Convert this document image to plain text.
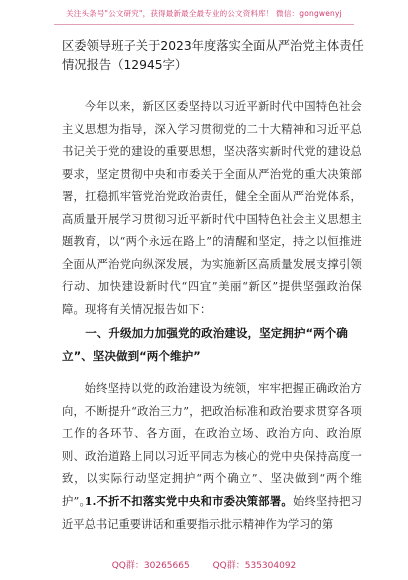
关注头条号"公文研究"，获得最新最全最专业的公文资料库！ 微信：gongwenyj
区委领导班子关于2023年度落实全面从严治党主体责任情况报告（12945字）
今年以来，新区区委坚持以习近平新时代中国特色社会主义思想为指导，深入学习贯彻党的二十大精神和习近平总书记关于党的建设的重要思想，坚决落实新时代党的建设总要求，坚定贯彻中央和市委关于全面从严治党的重大决策部署，扛稳抓牢管党治党政治责任，健全全面从严治党体系，高质量开展学习贯彻习近平新时代中国特色社会主义思想主题教育，以“两个永远在路上”的清醒和坚定，持之以恒推进全面从严治党向纵深发展，为实施新区高质量发展支撑引领行动、加快建设新时代“四宜”美丽“新区”提供坚强政治保障。现将有关情况报告如下：
一、升级加力加强党的政治建设，坚定拥护“两个确立”、坚决做到“两个维护”
始终坚持以党的政治建设为统领，牢牢把握正确政治方向，不断提升“政治三力”，把政治标准和政治要求贯穿各项工作的各环节、各方面，在政治立场、政治方向、政治原则、政治道路上同以习近平同志为核心的党中央保持高度一致，以实际行动坚定拥护“两个确立”、坚决做到“两个维护”。
1.不折不扣落实党中央和市委决策部署。始终坚持把习近平总书记重要讲话和重要指示批示精神作为学习的第
QQ群：30265665	QQ群：535304092
